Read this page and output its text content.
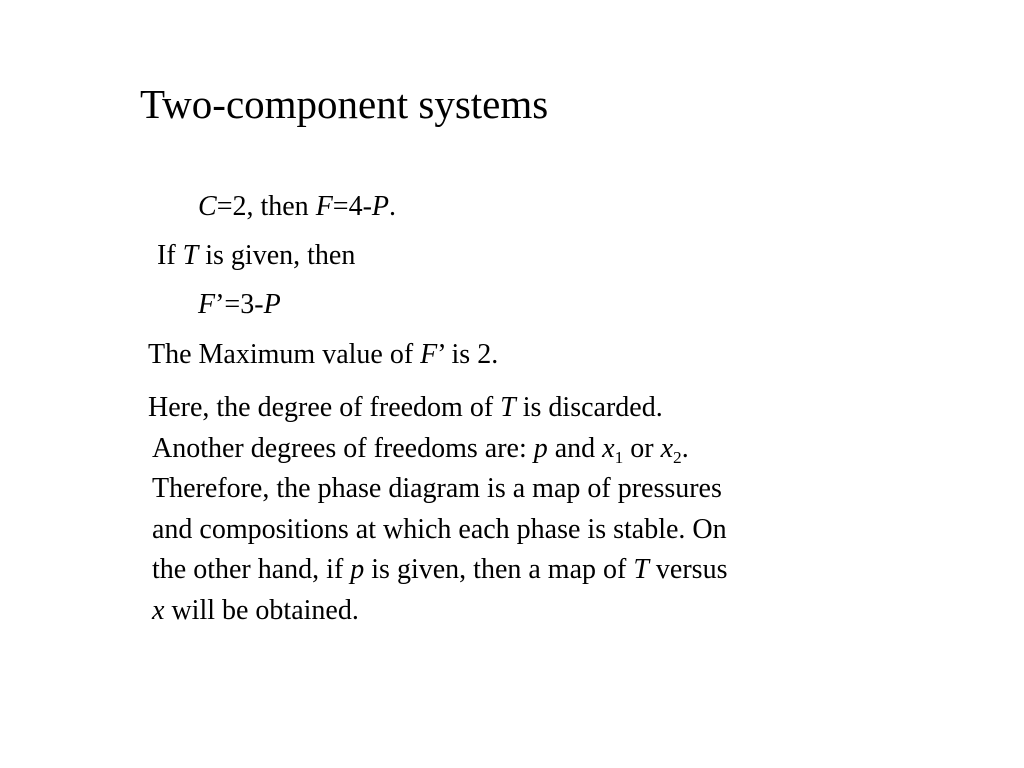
Two-component systems
C=2, then F=4-P.
If T is given, then
F’=3-P
The Maximum value of F’ is 2.
Here, the degree of freedom of T is discarded.
Another degrees of freedoms are: p and $x_1$ or $x_2$.
Therefore, the phase diagram is a map of pressures
and compositions at which each phase is stable. On
the other hand, if p is given, then a map of T versus
x will be obtained.
